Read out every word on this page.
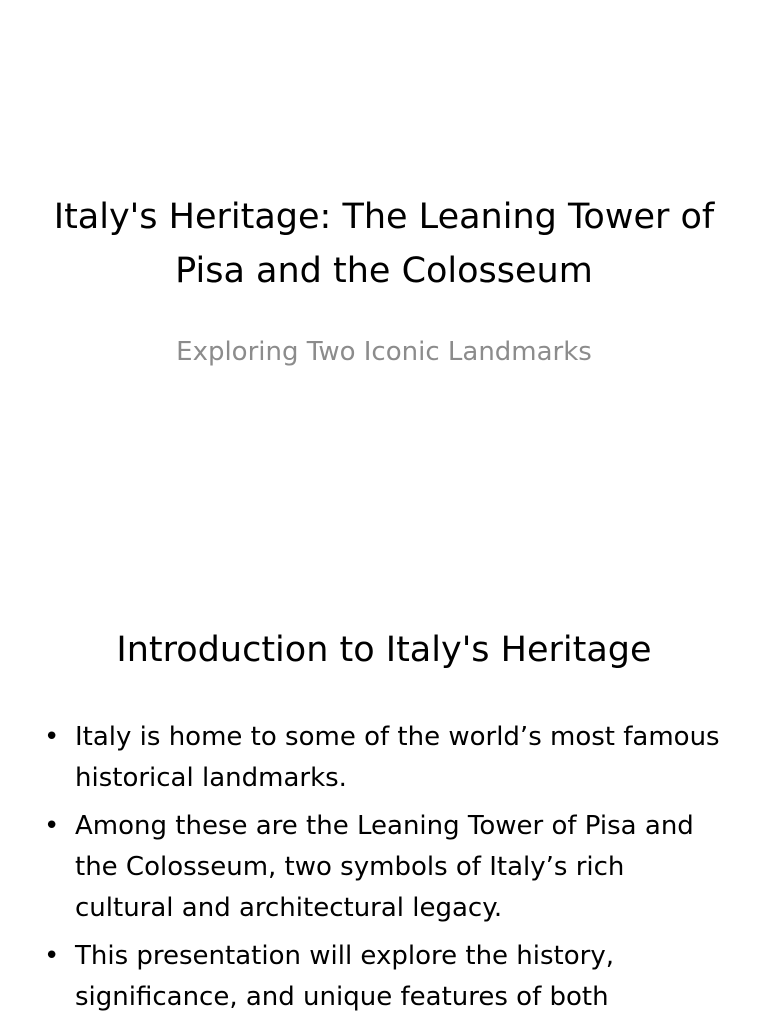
Italy's Heritage: The Leaning Tower of Pisa and the Colosseum

Exploring Two Iconic Landmarks

Introduction to Italy's Heritage
• Italy is home to some of the world’s most famous historical landmarks.
• Among these are the Leaning Tower of Pisa and the Colosseum, two symbols of Italy’s rich cultural and architectural legacy.
• This presentation will explore the history, significance, and unique features of both
